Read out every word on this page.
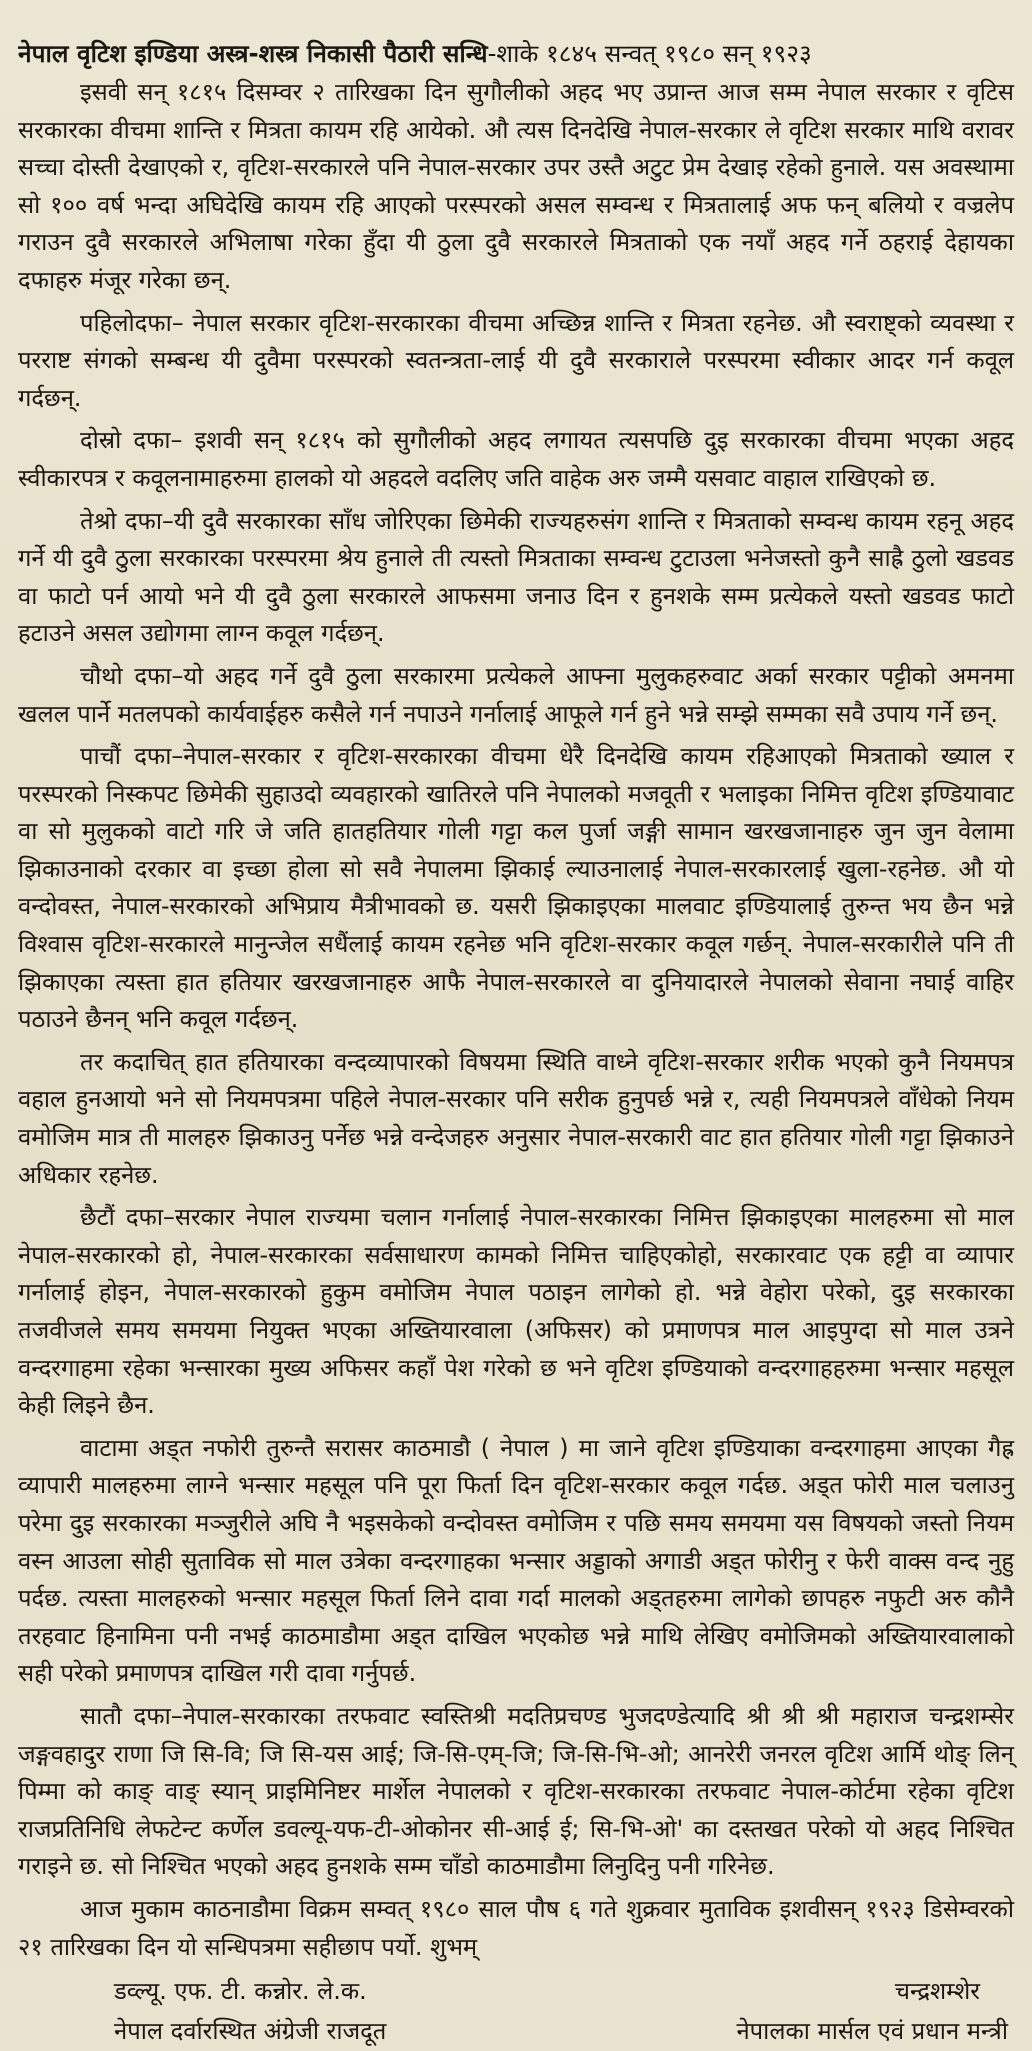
नेपाल वृटिश इण्डिया अस्त्र-शस्त्र निकासी पैठारी सन्धि-शाके १८४५ सन्वत् १९८० सन् १९२३

इसवी सन् १८१५ दिसम्वर २ तारिखका दिन सुगौलीको अहद भए उप्रान्त आज सम्म नेपाल सरकार र वृटिस सरकारका वीचमा शान्ति र मित्रता कायम रहि आयेको. औ त्यस दिनदेखि नेपाल-सरकार ले वृटिश सरकार माथि वरावर सच्चा दोस्ती देखाएको र, वृटिश-सरकारले पनि नेपाल-सरकार उपर उस्तै अटुट प्रेम देखाइ रहेको हुनाले. यस अवस्थामा सो १०० वर्ष भन्दा अघिदेखि कायम रहि आएको परस्परको असल सम्वन्ध र मित्रतालाई अफ फन् बलियो र वज्रलेप गराउन दुवै सरकारले अभिलाषा गरेका हुँदा यी ठुला दुवै सरकारले मित्रताको एक नयाँ अहद गर्ने ठहराई देहायका दफाहरु मंजूर गरेका छन्.

पहिलोदफा– नेपाल सरकार वृटिश-सरकारका वीचमा अच्छिन्न शान्ति र मित्रता रहनेछ. औ स्वराष्ट्को व्यवस्था र परराष्ट संगको सम्बन्ध यी दुवैमा परस्परको स्वतन्त्रता-लाई यी दुवै सरकाराले परस्परमा स्वीकार आदर गर्न कवूल गर्दछन्.

दोस्रो दफा– इशवी सन् १८१५ को सुगौलीको अहद लगायत त्यसपछि दुइ सरकारका वीचमा भएका अहद स्वीकारपत्र र कवूलनामाहरुमा हालको यो अहदले वदलिए जति वाहेक अरु जम्मै यसवाट वाहाल राखिएको छ.

तेश्रो दफा–यी दुवै सरकारका साँध जोरिएका छिमेकी राज्यहरुसंग शान्ति र मित्रताको सम्वन्ध कायम रहनू अहद गर्ने यी दुवै ठुला सरकारका परस्परमा श्रेय हुनाले ती त्यस्तो मित्रताका सम्वन्ध टुटाउला भनेजस्तो कुनै साह्रै ठुलो खडवड वा फाटो पर्न आयो भने यी दुवै ठुला सरकारले आफसमा जनाउ दिन र हुनशके सम्म प्रत्येकले यस्तो खडवड फाटो हटाउने असल उद्योगमा लाग्न कवूल गर्दछन्.

चौथो दफा–यो अहद गर्ने दुवै ठुला सरकारमा प्रत्येकले आफ्ना मुलुकहरुवाट अर्का सरकार पट्टीको अमनमा खलल पार्ने मतलपको कार्यवाईहरु कसैले गर्न नपाउने गर्नालाई आफूले गर्न हुने भन्ने सम्झे सम्मका सवै उपाय गर्ने छन्.

पाचौं दफा–नेपाल-सरकार र वृटिश-सरकारका वीचमा धेरै दिनदेखि कायम रहिआएको मित्रताको ख्याल र परस्परको निस्कपट छिमेकी सुहाउदो व्यवहारको खातिरले पनि नेपालको मजवूती र भलाइका निमित्त वृटिश इण्डियावाट वा सो मुलुकको वाटो गरि जे जति हातहतियार गोली गट्टा कल पुर्जा जङ्गी सामान खरखजानाहरु जुन जुन वेलामा झिकाउनाको दरकार वा इच्छा होला सो सवै नेपालमा झिकाई ल्याउनालाई नेपाल-सरकारलाई खुला-रहनेछ. औ यो वन्दोवस्त, नेपाल-सरकारको अभिप्राय मैत्रीभावको छ. यसरी झिकाइएका मालवाट इण्डियालाई तुरुन्त भय छैन भन्ने विश्वास वृटिश-सरकारले मानुन्जेल सधैंलाई कायम रहनेछ भनि वृटिश-सरकार कवूल गर्छन्. नेपाल-सरकारीले पनि ती झिकाएका त्यस्ता हात हतियार खरखजानाहरु आफै नेपाल-सरकारले वा दुनियादारले नेपालको सेवाना नघाई वाहिर पठाउने छैनन् भनि कवूल गर्दछन्.

तर कदाचित् हात हतियारका वन्दव्यापारको विषयमा स्थिति वाध्ने वृटिश-सरकार शरीक भएको कुनै नियमपत्र वहाल हुनआयो भने सो नियमपत्रमा पहिले नेपाल-सरकार पनि सरीक हुनुपर्छ भन्ने र, त्यही नियमपत्रले वाँधेको नियम वमोजिम मात्र ती मालहरु झिकाउनु पर्नेछ भन्ने वन्देजहरु अनुसार नेपाल-सरकारी वाट हात हतियार गोली गट्टा झिकाउने अधिकार रहनेछ.

छैटौं दफा–सरकार नेपाल राज्यमा चलान गर्नालाई नेपाल-सरकारका निमित्त झिकाइएका मालहरुमा सो माल नेपाल-सरकारको हो, नेपाल-सरकारका सर्वसाधारण कामको निमित्त चाहिएकोहो, सरकारवाट एक हट्टी वा व्यापार गर्नालाई होइन, नेपाल-सरकारको हुकुम वमोजिम नेपाल पठाइन लागेको हो. भन्ने वेहोरा परेको, दुइ सरकारका तजवीजले समय समयमा नियुक्त भएका अख्तियारवाला (अफिसर) को प्रमाणपत्र माल आइपुग्दा सो माल उत्रने वन्दरगाहमा रहेका भन्सारका मुख्य अफिसर कहाँ पेश गरेको छ भने वृटिश इण्डियाको वन्दरगाहहरुमा भन्सार महसूल केही लिइने छैन.

वाटामा अड्त नफोरी तुरुन्तै सरासर काठमाडौ ( नेपाल ) मा जाने वृटिश इण्डियाका वन्दरगाहमा आएका गैह्र व्यापारी मालहरुमा लाग्ने भन्सार महसूल पनि पूरा फिर्ता दिन वृटिश-सरकार कवूल गर्दछ. अड्त फोरी माल चलाउनु परेमा दुइ सरकारका मञ्जुरीले अघि नै भइसकेको वन्दोवस्त वमोजिम र पछि समय समयमा यस विषयको जस्तो नियम वस्न आउला सोही सुताविक सो माल उत्रेका वन्दरगाहका भन्सार अड्डाको अगाडी अड्त फोरीनु र फेरी वाक्स वन्द नुहु पर्दछ. त्यस्ता मालहरुको भन्सार महसूल फिर्ता लिने दावा गर्दा मालको अड्तहरुमा लागेको छापहरु नफुटी अरु कौनै तरहवाट हिनामिना पनी नभई काठमाडौमा अड्त दाखिल भएकोछ भन्ने माथि लेखिए वमोजिमको अख्तियारवालाको सही परेको प्रमाणपत्र दाखिल गरी दावा गर्नुपर्छ.

सातौ दफा–नेपाल-सरकारका तरफवाट स्वस्तिश्री मदतिप्रचण्ड भुजदण्डेत्यादि श्री श्री श्री महाराज चन्द्रशम्सेर जङ्गवहादुर राणा जि सि-वि; जि सि-यस आई; जि-सि-एम्-जि; जि-सि-भि-ओ; आनरेरी जनरल वृटिश आर्मि थोङ् लिन् पिम्मा को काङ् वाङ् स्यान् प्राइमिनिष्टर मार्शेल नेपालको र वृटिश-सरकारका तरफवाट नेपाल-कोर्टमा रहेका वृटिश राजप्रतिनिधि लेफटेन्ट कर्णेल डवल्यू-यफ-टी-ओकोनर सी-आई ई; सि-भि-ओ' का दस्तखत परेको यो अहद निश्चित गराइने छ. सो निश्चित भएको अहद हुनशके सम्म चाँडो काठमाडौमा लिनुदिनु पनी गरिनेछ.

आज मुकाम काठनाडौमा विक्रम सम्वत् १९८० साल पौष ६ गते शुक्रवार मुताविक इशवीसन् १९२३ डिसेम्वरको २१ तारिखका दिन यो सन्धिपत्रमा सहीछाप पर्यो. शुभम्

डव्ल्यू. एफ. टी. कन्नोर. ले.क.	चन्द्रशम्शेर
नेपाल दर्वारस्थित अंग्रेजी राजदूत	नेपालका मार्सल एवं प्रधान मन्त्री
